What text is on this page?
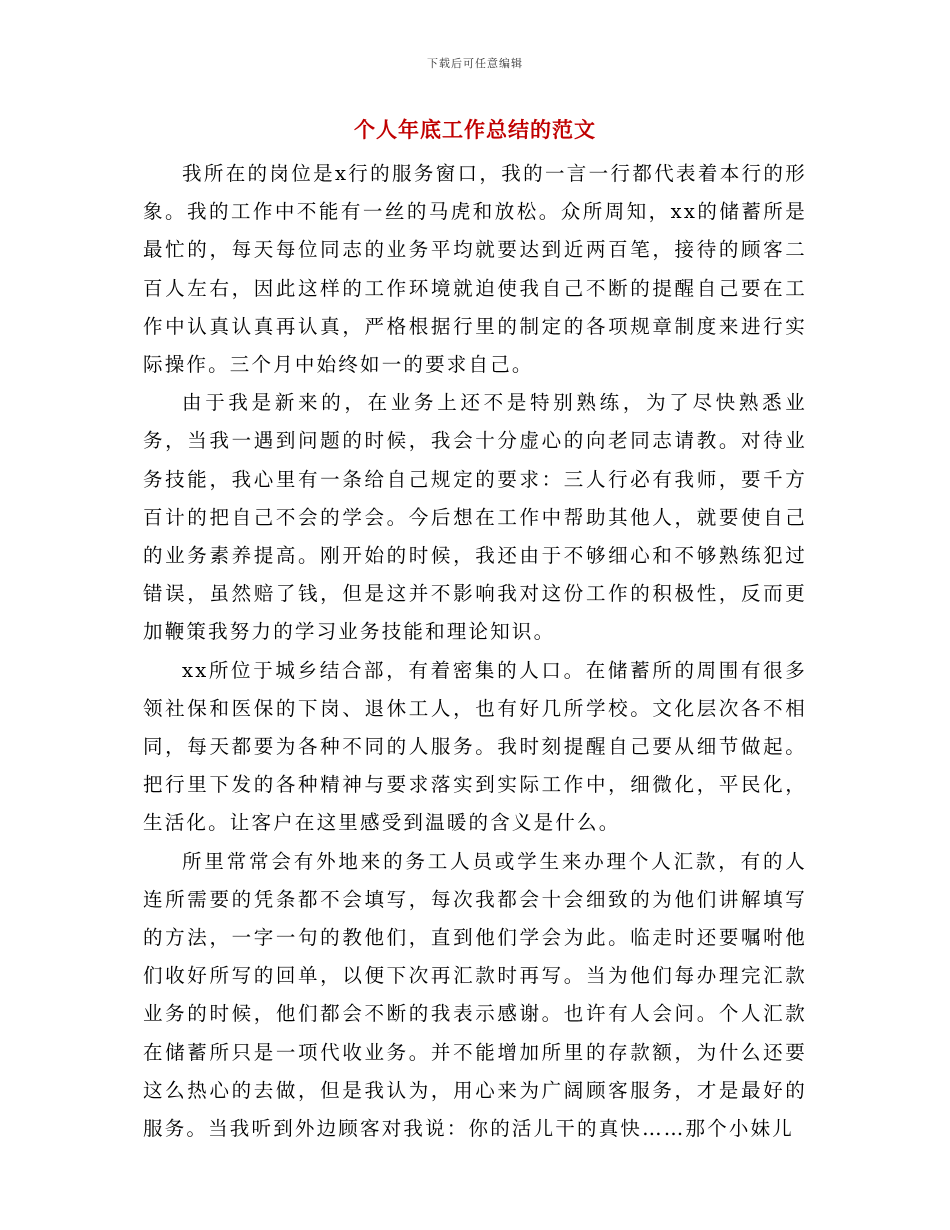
下载后可任意编辑
个人年底工作总结的范文

我所在的岗位是x行的服务窗口，我的一言一行都代表着本行的形象。我的工作中不能有一丝的马虎和放松。众所周知，xx的储蓄所是最忙的，每天每位同志的业务平均就要达到近两百笔，接待的顾客二百人左右，因此这样的工作环境就迫使我自己不断的提醒自己要在工作中认真认真再认真，严格根据行里的制定的各项规章制度来进行实际操作。三个月中始终如一的要求自己。

由于我是新来的，在业务上还不是特别熟练，为了尽快熟悉业务，当我一遇到问题的时候，我会十分虚心的向老同志请教。对待业务技能，我心里有一条给自己规定的要求：三人行必有我师，要千方百计的把自己不会的学会。今后想在工作中帮助其他人，就要使自己的业务素养提高。刚开始的时候，我还由于不够细心和不够熟练犯过错误，虽然赔了钱，但是这并不影响我对这份工作的积极性，反而更加鞭策我努力的学习业务技能和理论知识。

xx所位于城乡结合部，有着密集的人口。在储蓄所的周围有很多领社保和医保的下岗、退休工人，也有好几所学校。文化层次各不相同，每天都要为各种不同的人服务。我时刻提醒自己要从细节做起。把行里下发的各种精神与要求落实到实际工作中，细微化，平民化，生活化。让客户在这里感受到温暖的含义是什么。

所里常常会有外地来的务工人员或学生来办理个人汇款，有的人连所需要的凭条都不会填写，每次我都会十会细致的为他们讲解填写的方法，一字一句的教他们，直到他们学会为此。临走时还要嘱咐他们收好所写的回单，以便下次再汇款时再写。当为他们每办理完汇款业务的时候，他们都会不断的我表示感谢。也许有人会问。个人汇款在储蓄所只是一项代收业务。并不能增加所里的存款额，为什么还要这么热心的去做，但是我认为，用心来为广阔顾客服务，才是最好的服务。当我听到外边顾客对我说：你的活儿干的真快……那个小妹儿
